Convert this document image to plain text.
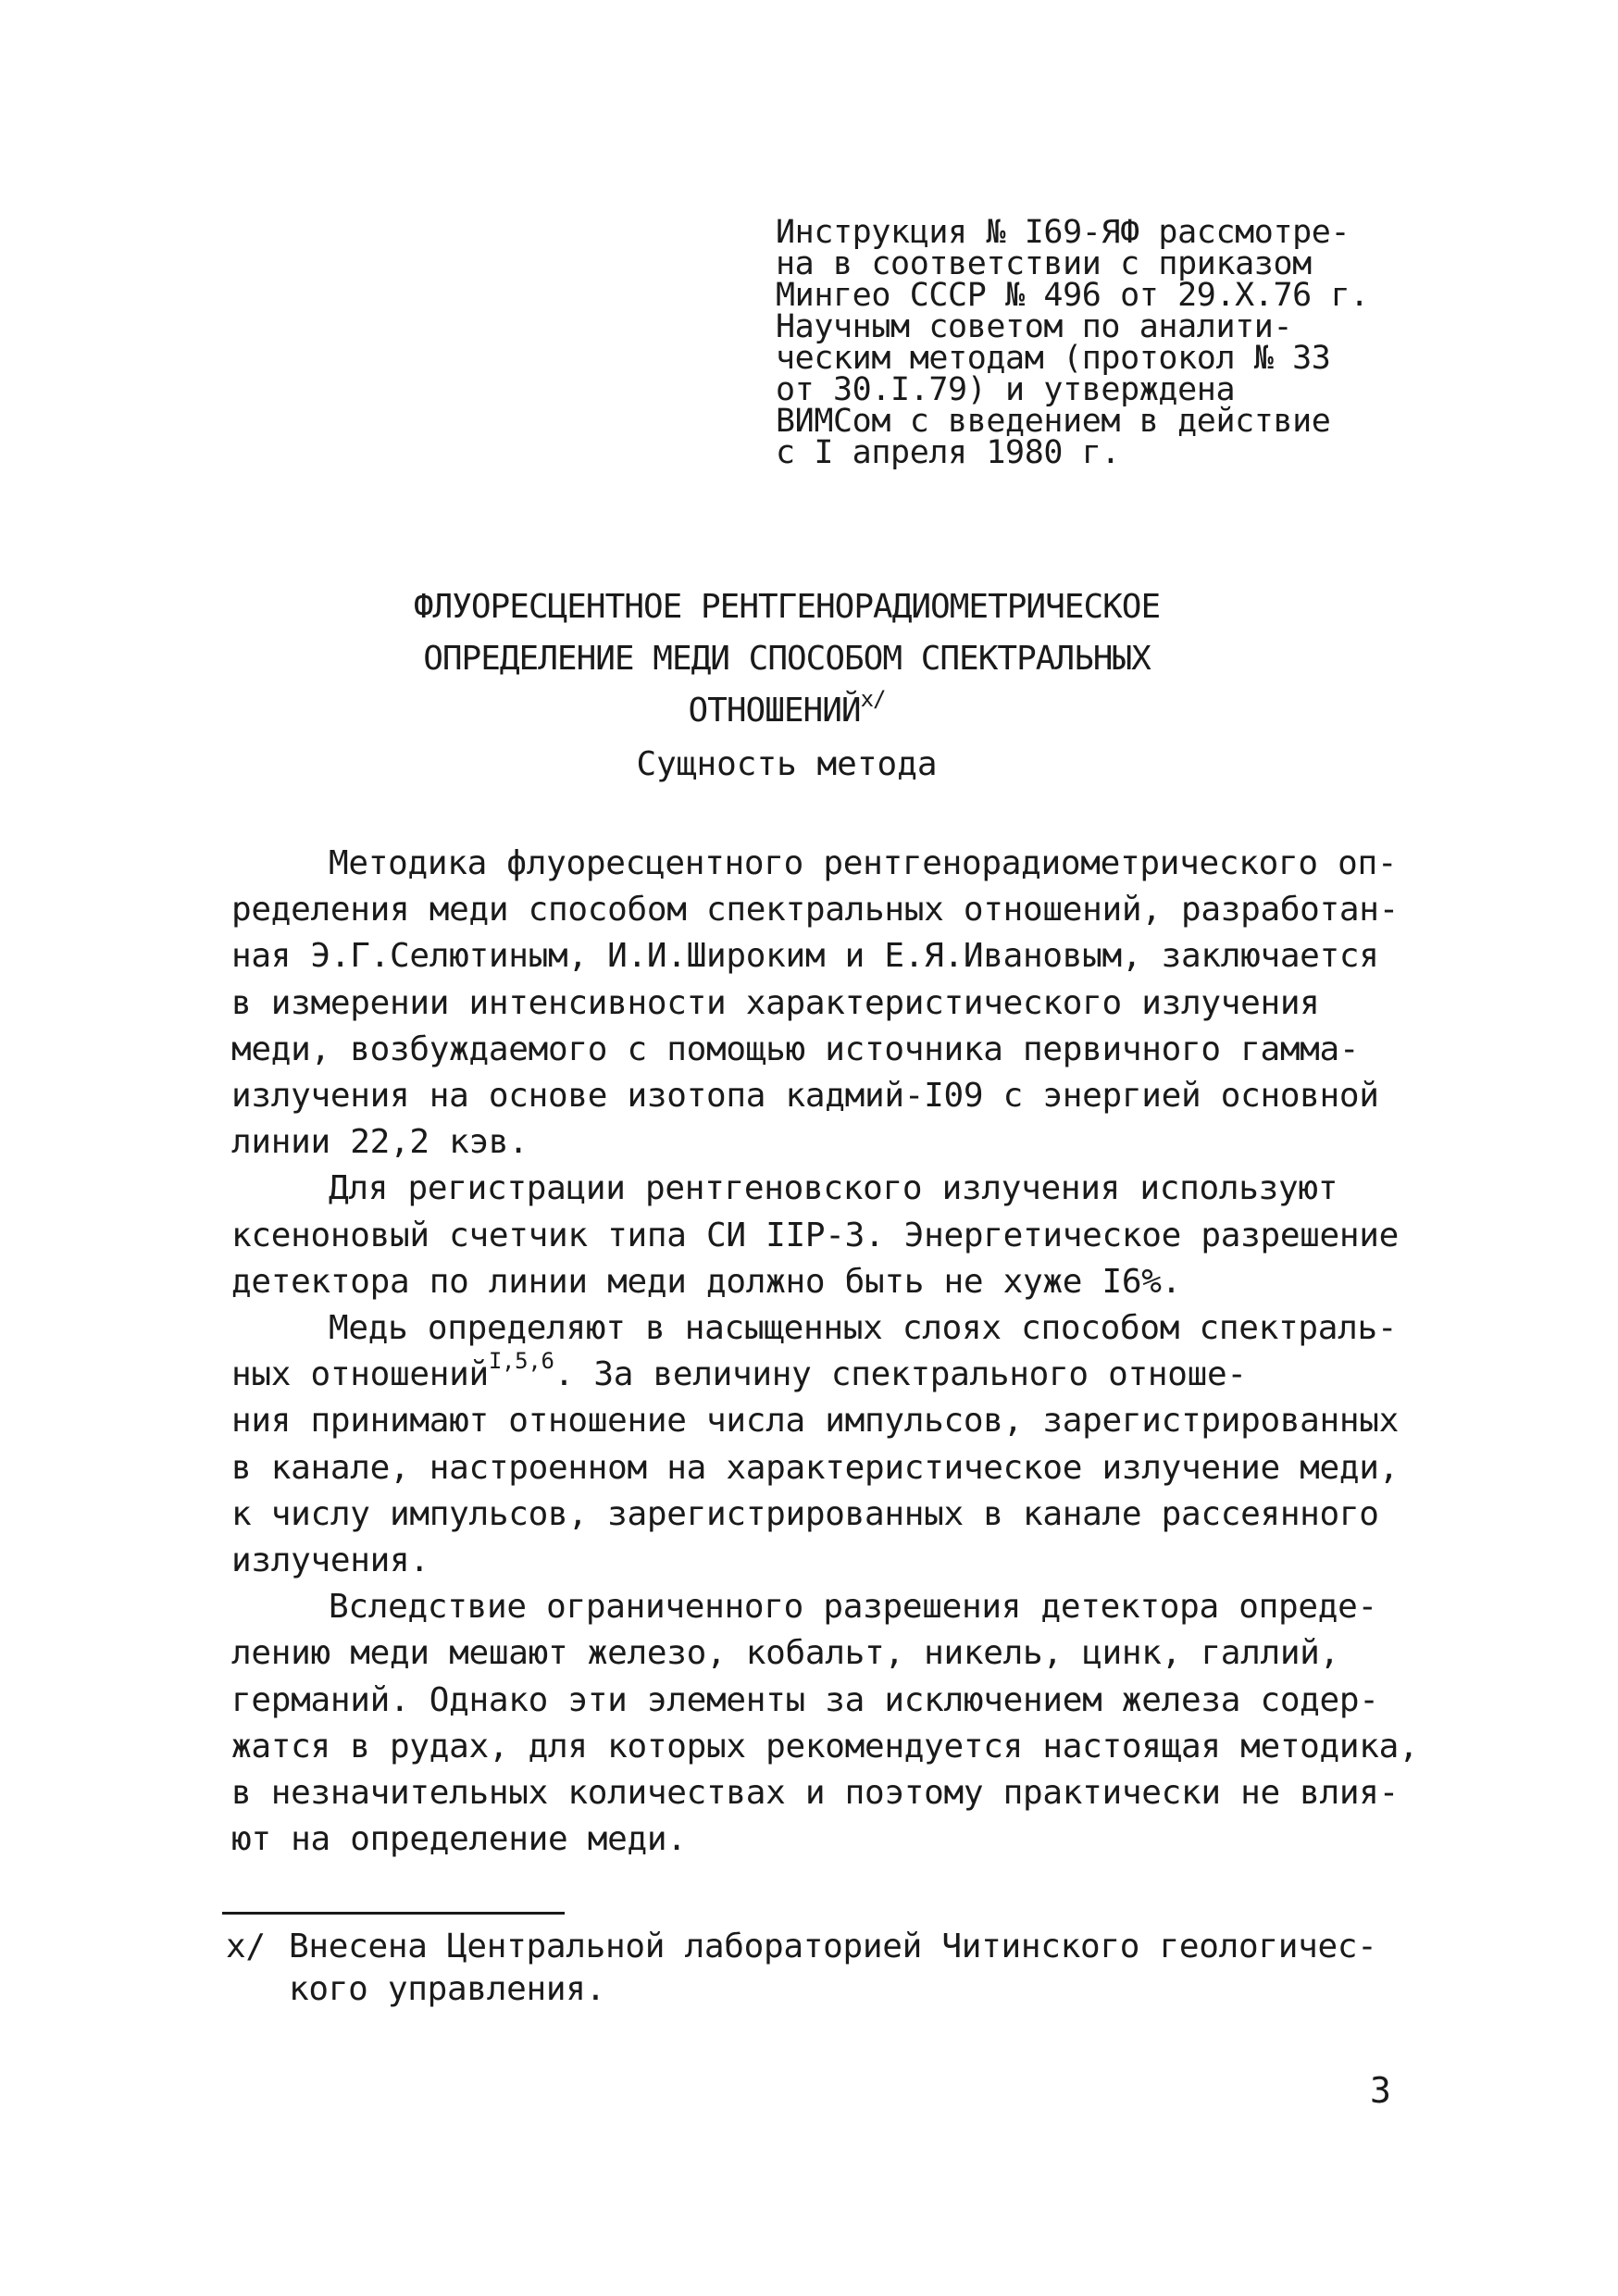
Инструкция № I69-ЯФ рассмотре-
на в соответствии с приказом
Мингео СССР № 496 от 29.X.76 г.
Научным советом по аналити-
ческим методам (протокол № 33
от 30.I.79) и утверждена
ВИМСом с введением в действие
с I апреля 1980 г.
ФЛУОРЕСЦЕНТНОЕ РЕНТГЕНОРАДИОМЕТРИЧЕСКОЕ
ОПРЕДЕЛЕНИЕ МЕДИ СПОСОБОМ СПЕКТРАЛЬНЫХ
$ОТНОШЕНИЙ^{x/}$
Сущность метода
Методика флуоресцентного рентгенорадиометрического оп-
ределения меди способом спектральных отношений, разработан-
ная Э.Г.Селютиным, И.И.Широким и Е.Я.Ивановым, заключается
в измерении интенсивности характеристического излучения
меди, возбуждаемого с помощью источника первичного гамма-
излучения на основе изотопа кадмий-I09 с энергией основной
линии 22,2 кэв.
Для регистрации рентгеновского излучения используют
ксеноновый счетчик типа СИ IIР-3. Энергетическое разрешение
детектора по линии меди должно быть не хуже I6%.
Медь определяют в насыщенных слоях способом спектраль-
ных отношений$^{I,5,6}$. За величину спектрального отноше-
ния принимают отношение числа импульсов, зарегистрированных
в канале, настроенном на характеристическое излучение меди,
к числу импульсов, зарегистрированных в канале рассеянного
излучения.
Вследствие ограниченного разрешения детектора опреде-
лению меди мешают железо, кобальт, никель, цинк, галлий,
германий. Однако эти элементы за исключением железа содер-
жатся в рудах, для которых рекомендуется настоящая методика,
в незначительных количествах и поэтому практически не влия-
ют на определение меди.
x/ Внесена Центральной лабораторией Читинского геологичес-
кого управления.
3
